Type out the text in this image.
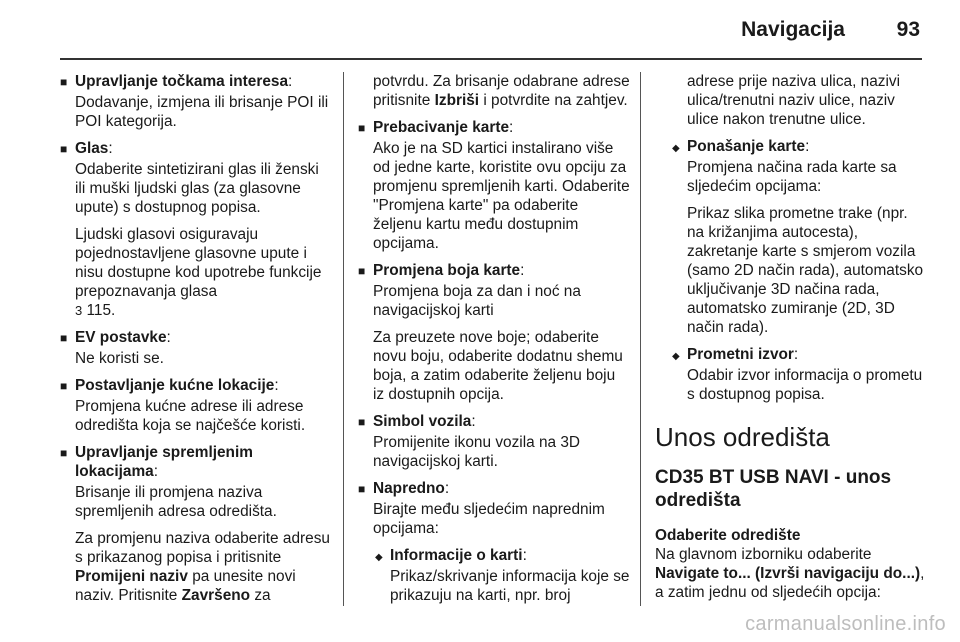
Navigacija 93
■ Upravljanje točkama interesa:
Dodavanje, izmjena ili brisanje POI ili POI kategorija.
■ Glas:
Odaberite sintetizirani glas ili ženski ili muški ljudski glas (za glasovne upute) s dostupnog popisa.
Ljudski glasovi osiguravaju pojednostavljene glasovne upute i nisu dostupne kod upotrebe funkcije prepoznavanja glasa
3 115.
■ EV postavke:
Ne koristi se.
■ Postavljanje kućne lokacije:
Promjena kućne adrese ili adrese odredišta koja se najčešće koristi.
■ Upravljanje spremljenim lokacijama:
Brisanje ili promjena naziva spremljenih adresa odredišta.
Za promjenu naziva odaberite adresu s prikazanog popisa i pritisnite Promijeni naziv pa unesite novi naziv. Pritisnite Završeno za
potvrdu. Za brisanje odabrane adrese pritisnite Izbriši i potvrdite na zahtjev.
■ Prebacivanje karte:
Ako je na SD kartici instalirano više od jedne karte, koristite ovu opciju za promjenu spremljenih karti. Odaberite "Promjena karte" pa odaberite željenu kartu među dostupnim opcijama.
■ Promjena boja karte:
Promjena boja za dan i noć na navigacijskoj karti
Za preuzete nove boje; odaberite novu boju, odaberite dodatnu shemu boja, a zatim odaberite željenu boju iz dostupnih opcija.
■ Simbol vozila:
Promijenite ikonu vozila na 3D navigacijskoj karti.
■ Napredno:
Birajte među sljedećim naprednim opcijama:
◆ Informacije o karti:
Prikaz/skrivanje informacija koje se prikazuju na karti, npr. broj
adrese prije naziva ulica, nazivi ulica/trenutni naziv ulice, naziv ulice nakon trenutne ulice.
◆ Ponašanje karte:
Promjena načina rada karte sa sljedećim opcijama:
Prikaz slika prometne trake (npr. na križanjima autocesta), zakretanje karte s smjerom vozila (samo 2D način rada), automatsko uključivanje 3D načina rada, automatsko zumiranje (2D, 3D način rada).
◆ Prometni izvor:
Odabir izvor informacija o prometu s dostupnog popisa.
Unos odredišta
CD35 BT USB NAVI - unos odredišta
Odaberite odredište
Na glavnom izborniku odaberite
Navigate to... (Izvrši navigaciju do...), a zatim jednu od sljedećih opcija:
carmanualsonline.info
